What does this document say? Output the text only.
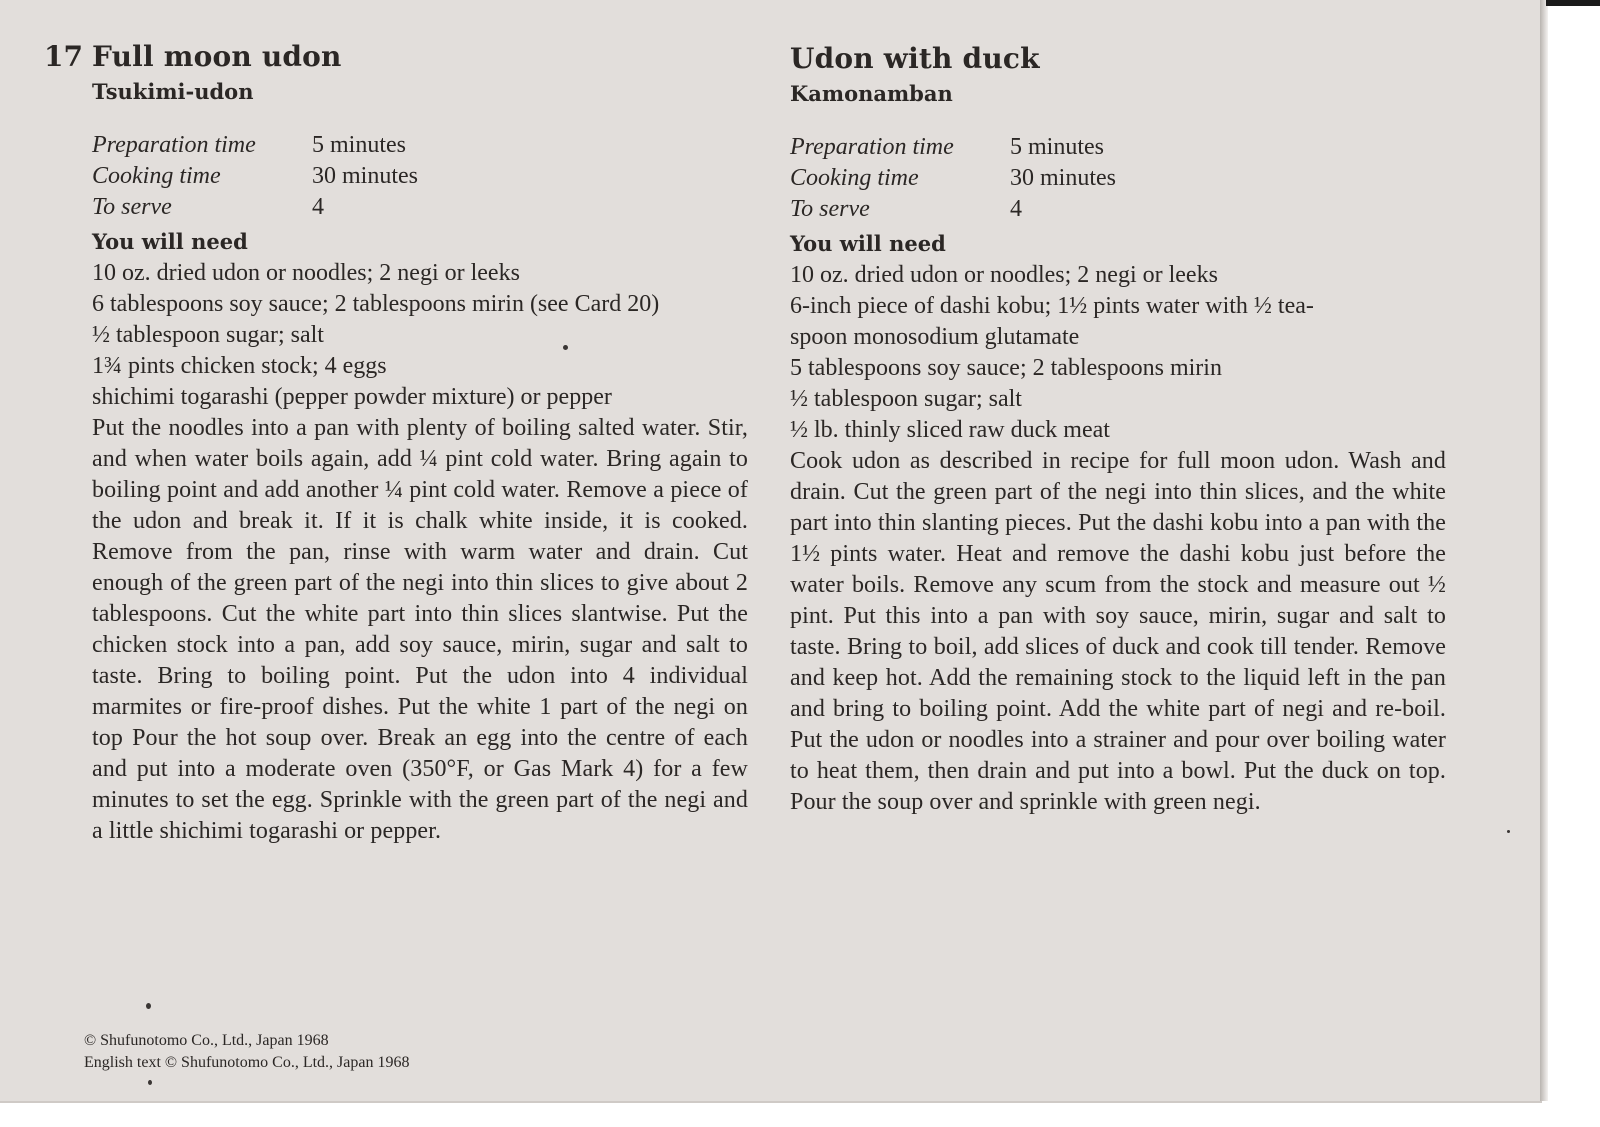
17 Full moon udon
Tsukimi-udon
Preparation time	5 minutes
Cooking time	30 minutes
To serve	4
You will need
10 oz. dried udon or noodles; 2 negi or leeks
6 tablespoons soy sauce; 2 tablespoons mirin (see Card 20)
½ tablespoon sugar; salt
1¾ pints chicken stock; 4 eggs
shichimi togarashi (pepper powder mixture) or pepper
Put the noodles into a pan with plenty of boiling salted water. Stir, and when water boils again, add ¼ pint cold water. Bring again to boiling point and add another ¼ pint cold water. Remove a piece of the udon and break it. If it is chalk white inside, it is cooked. Remove from the pan, rinse with warm water and drain. Cut enough of the green part of the negi into thin slices to give about 2 tablespoons. Cut the white part into thin slices slantwise. Put the chicken stock into a pan, add soy sauce, mirin, sugar and salt to taste. Bring to boiling point. Put the udon into 4 individual marmites or fire-proof dishes. Put the white 1 part of the negi on top Pour the hot soup over. Break an egg into the centre of each and put into a moderate oven (350°F, or Gas Mark 4) for a few minutes to set the egg. Sprinkle with the green part of the negi and a little shichimi togarashi or pepper.
Udon with duck
Kamonamban
Preparation time	5 minutes
Cooking time	30 minutes
To serve	4
You will need
10 oz. dried udon or noodles; 2 negi or leeks
6-inch piece of dashi kobu; 1½ pints water with ½ tea-
spoon monosodium glutamate
5 tablespoons soy sauce; 2 tablespoons mirin
½ tablespoon sugar; salt
½ lb. thinly sliced raw duck meat
Cook udon as described in recipe for full moon udon. Wash and drain. Cut the green part of the negi into thin slices, and the white part into thin slanting pieces. Put the dashi kobu into a pan with the 1½ pints water. Heat and remove the dashi kobu just before the water boils. Remove any scum from the stock and measure out ½ pint. Put this into a pan with soy sauce, mirin, sugar and salt to taste. Bring to boil, add slices of duck and cook till tender. Remove and keep hot. Add the remaining stock to the liquid left in the pan and bring to boiling point. Add the white part of negi and re-boil. Put the udon or noodles into a strainer and pour over boiling water to heat them, then drain and put into a bowl. Put the duck on top. Pour the soup over and sprinkle with green negi.
© Shufunotomo Co., Ltd., Japan 1968
English text © Shufunotomo Co., Ltd., Japan 1968
